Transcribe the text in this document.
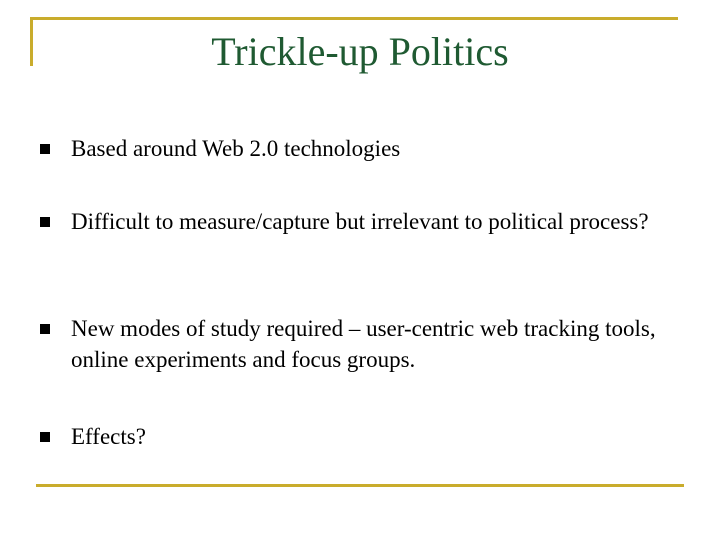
Trickle-up Politics
Based around Web 2.0 technologies
Difficult to measure/capture but irrelevant to political process?
New modes of study required – user-centric web tracking tools, online experiments and focus groups.
Effects?
